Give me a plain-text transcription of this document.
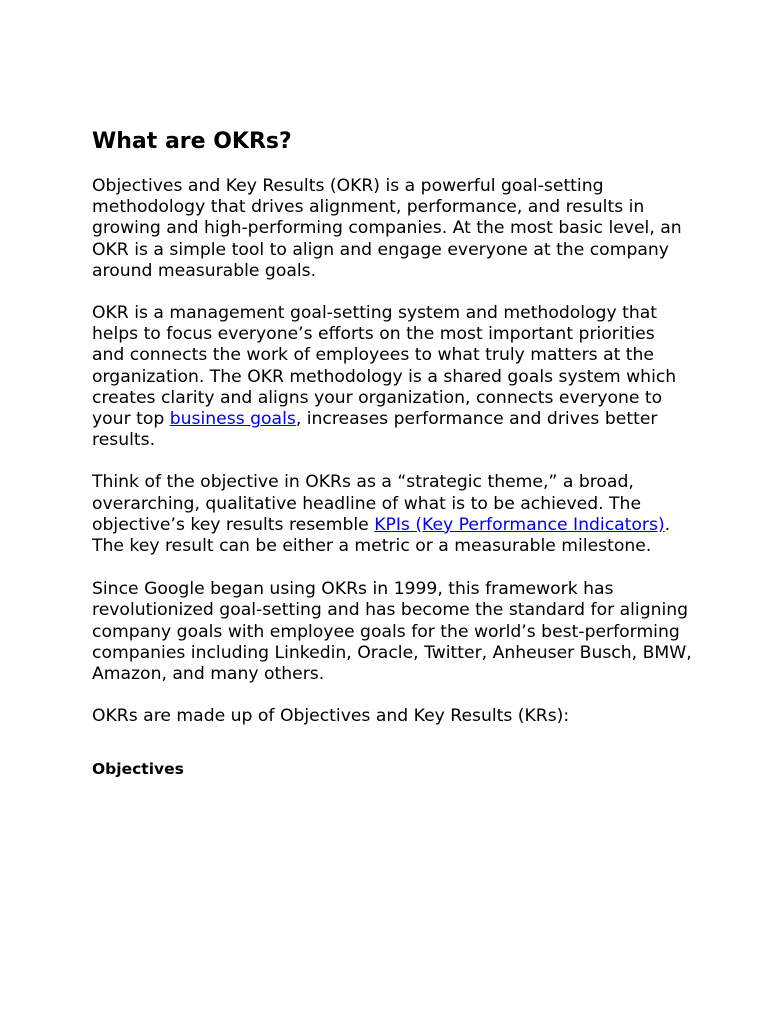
What are OKRs?

Objectives and Key Results (OKR) is a powerful goal-setting methodology that drives alignment, performance, and results in growing and high-performing companies. At the most basic level, an OKR is a simple tool to align and engage everyone at the company around measurable goals.

OKR is a management goal-setting system and methodology that helps to focus everyone’s efforts on the most important priorities and connects the work of employees to what truly matters at the organization. The OKR methodology is a shared goals system which creates clarity and aligns your organization, connects everyone to your top business goals, increases performance and drives better results.

Think of the objective in OKRs as a “strategic theme,” a broad, overarching, qualitative headline of what is to be achieved. The objective’s key results resemble KPIs (Key Performance Indicators). The key result can be either a metric or a measurable milestone.

Since Google began using OKRs in 1999, this framework has revolutionized goal-setting and has become the standard for aligning company goals with employee goals for the world’s best-performing companies including Linkedin, Oracle, Twitter, Anheuser Busch, BMW, Amazon, and many others.

OKRs are made up of Objectives and Key Results (KRs):

Objectives
